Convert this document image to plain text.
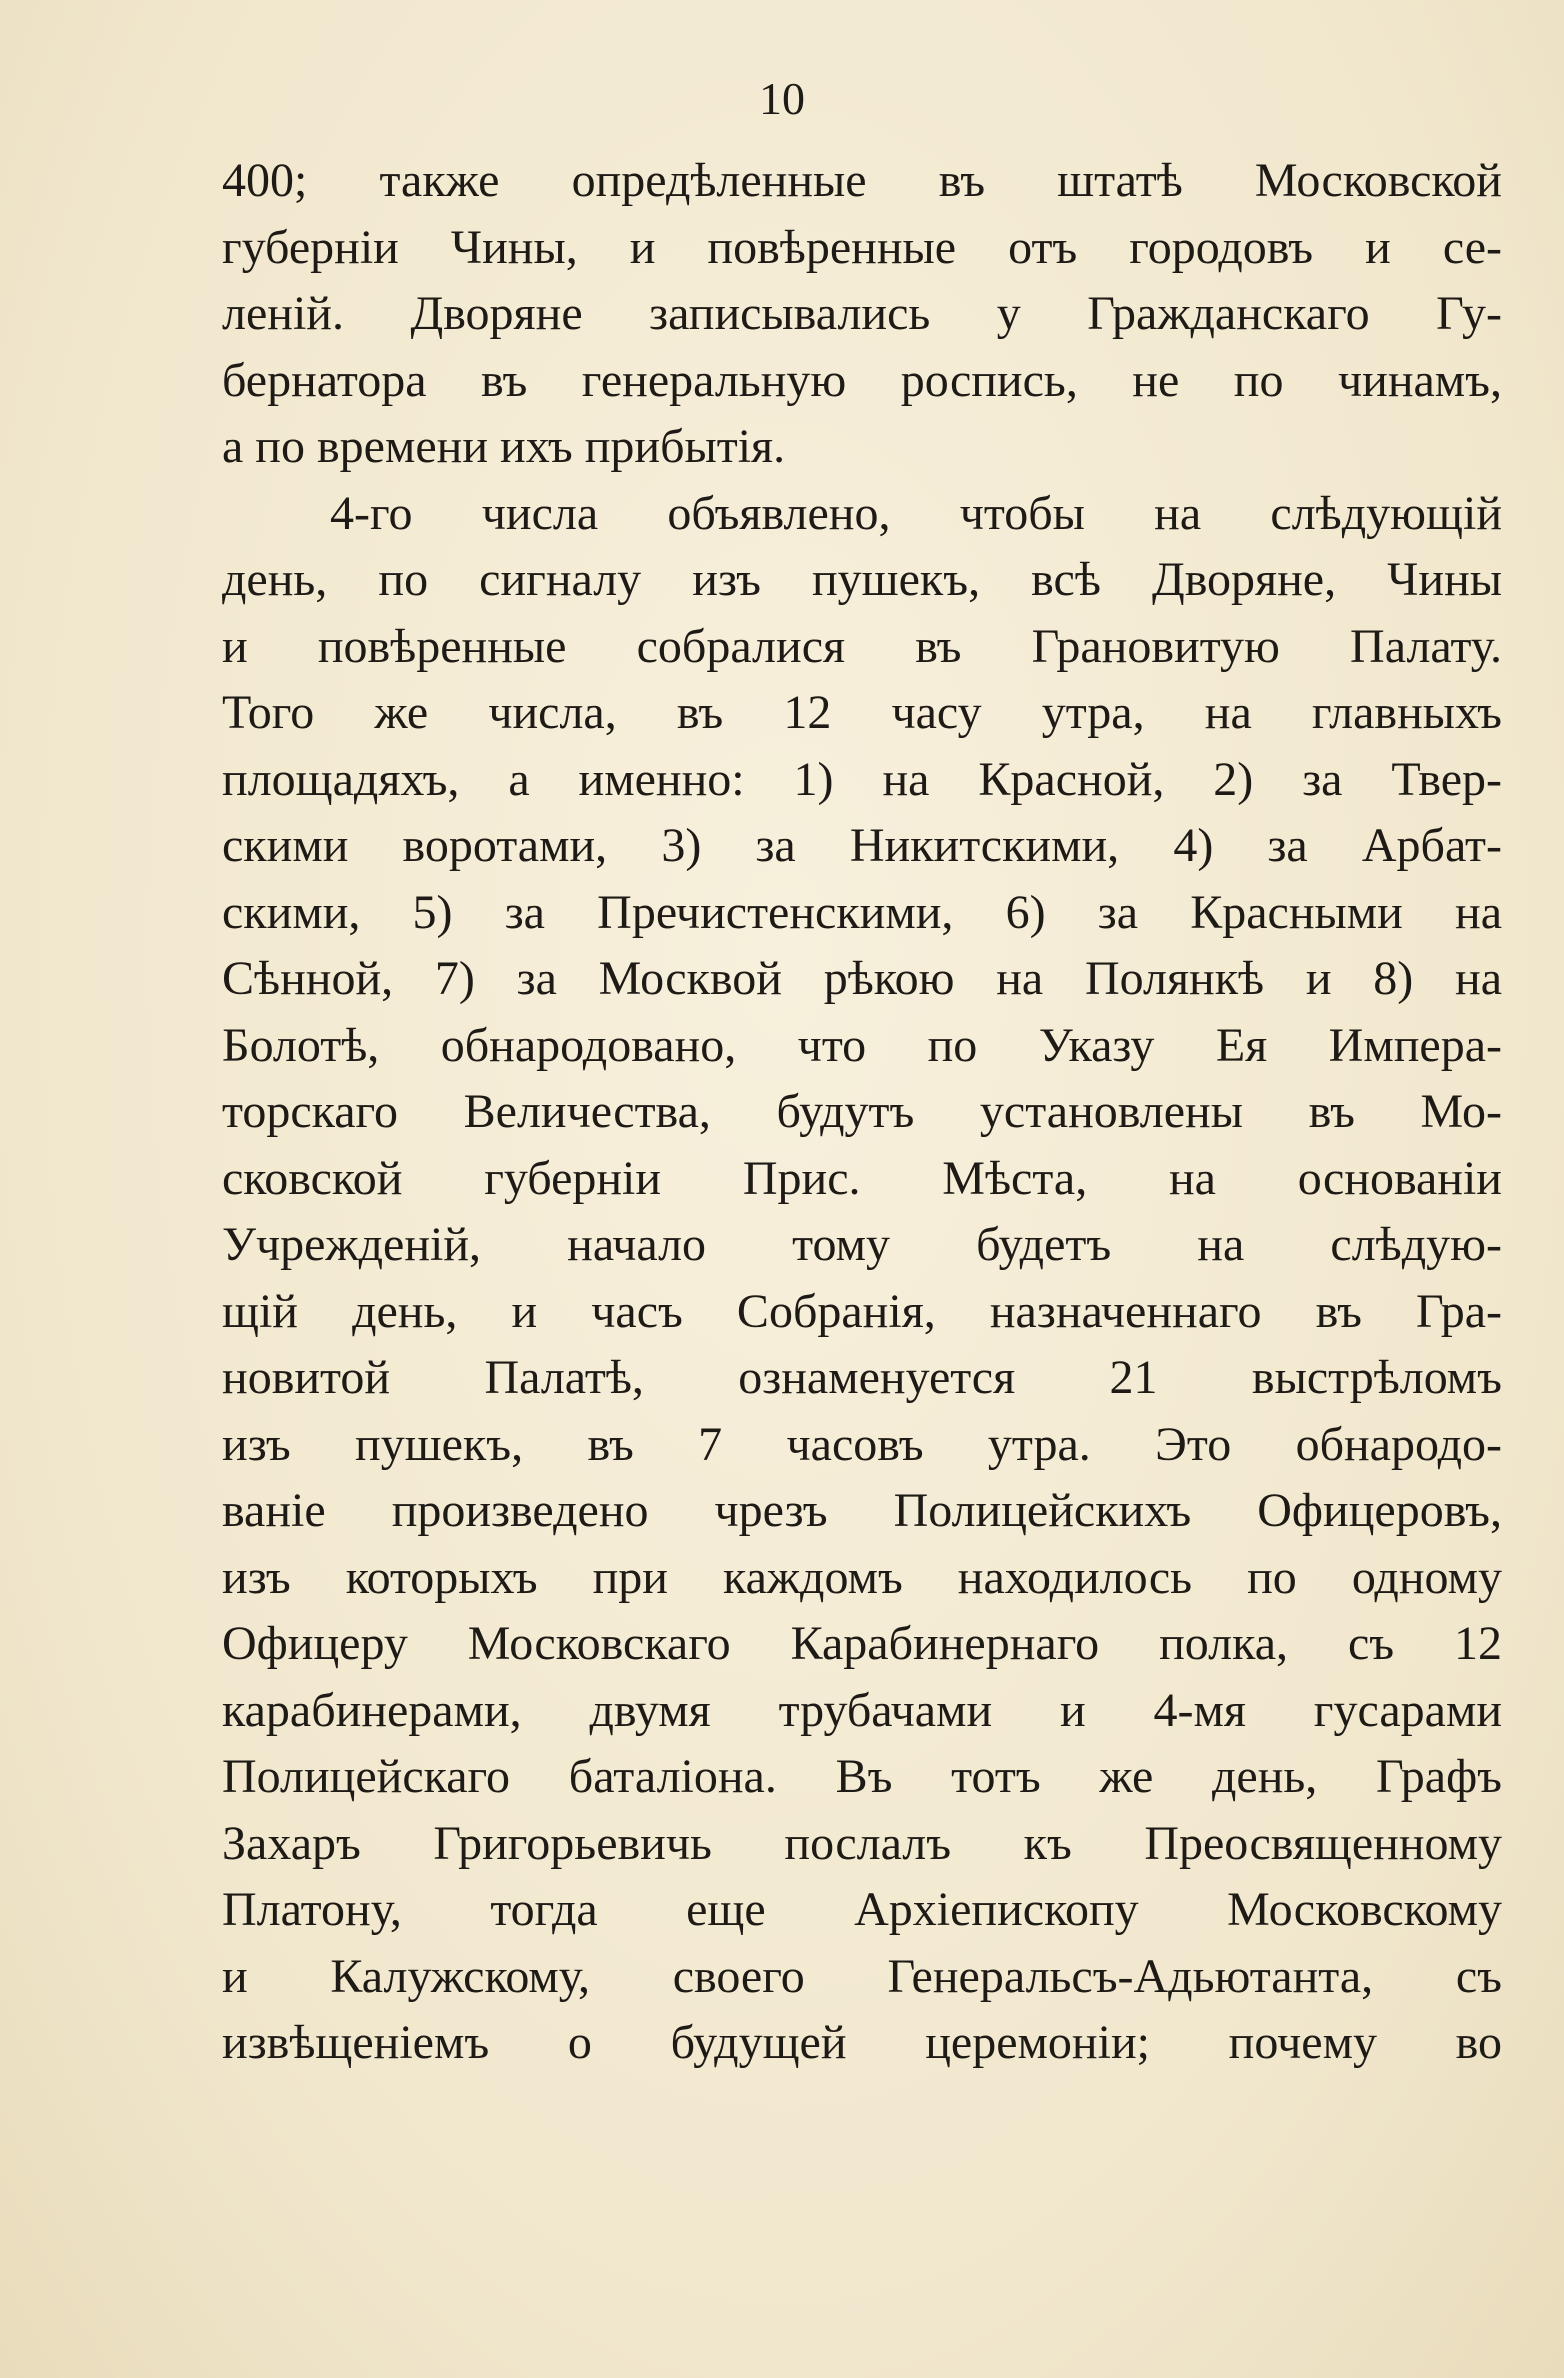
10
400; также опредѣленные въ штатѣ Московской
губерніи Чины, и повѣренные отъ городовъ и се-
леній. Дворяне записывались у Гражданскаго Гу-
бернатора въ генеральную роспись, не по чинамъ,
а по времени ихъ прибытія.
4-го числа объявлено, чтобы на слѣдующій
день, по сигналу изъ пушекъ, всѣ Дворяне, Чины
и повѣренные собралися въ Грановитую Палату.
Того же числа, въ 12 часу утра, на главныхъ
площадяхъ, а именно: 1) на Красной, 2) за Твер-
скими воротами, 3) за Никитскими, 4) за Арбат-
скими, 5) за Пречистенскими, 6) за Красными на
Сѣнной, 7) за Москвой рѣкою на Полянкѣ и 8) на
Болотѣ, обнародовано, что по Указу Ея Импера-
торскаго Величества, будутъ установлены въ Мо-
сковской губерніи Прис. Мѣста, на основаніи
Учрежденій, начало тому будетъ на слѣдую-
щій день, и часъ Собранія, назначеннаго въ Гра-
новитой Палатѣ, ознаменуется 21 выстрѣломъ
изъ пушекъ, въ 7 часовъ утра. Это обнародо-
ваніе произведено чрезъ Полицейскихъ Офицеровъ,
изъ которыхъ при каждомъ находилось по одному
Офицеру Московскаго Карабинернаго полка, съ 12
карабинерами, двумя трубачами и 4-мя гусарами
Полицейскаго баталіона. Въ тотъ же день, Графъ
Захаръ Григорьевичь послалъ къ Преосвященному
Платону, тогда еще Архіепископу Московскому
и Калужскому, своего Генеральсъ-Адьютанта, съ
извѣщеніемъ о будущей церемоніи; почему во
